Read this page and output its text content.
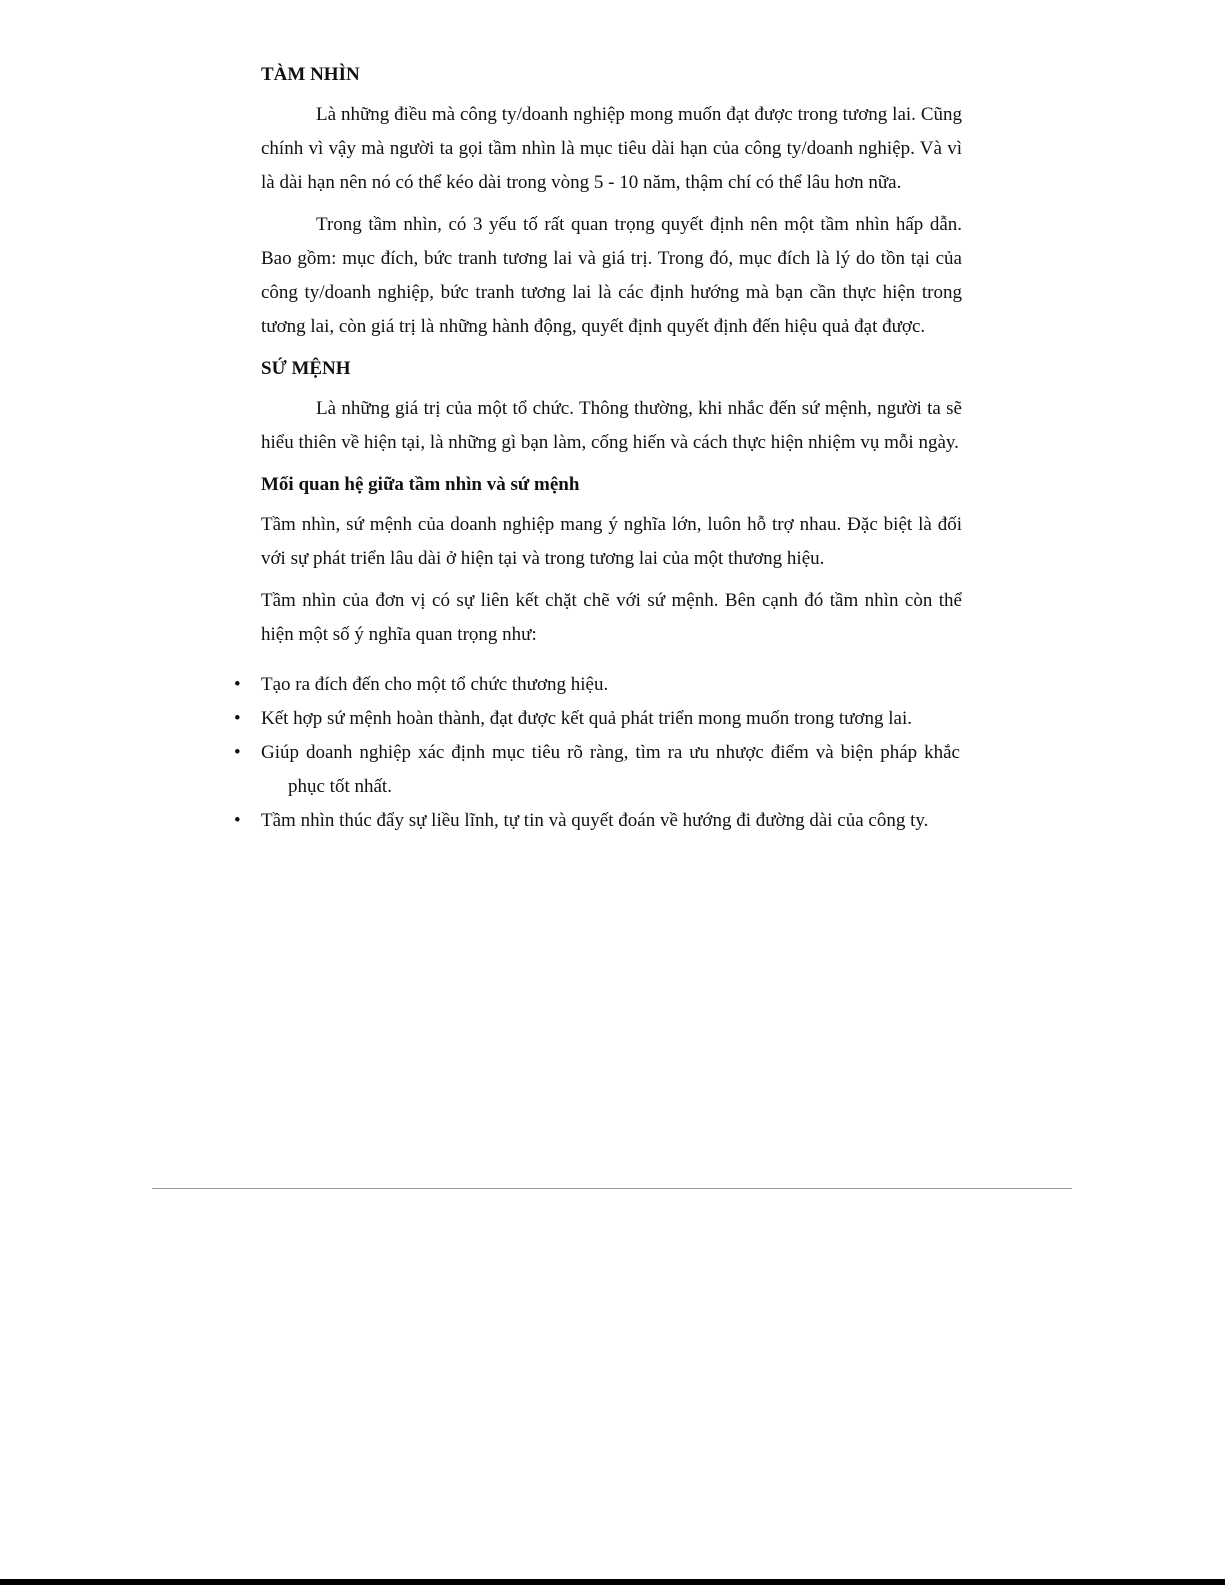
TÀM NHÌN

Là những điều mà công ty/doanh nghiệp mong muốn đạt được trong tương lai. Cũng chính vì vậy mà người ta gọi tầm nhìn là mục tiêu dài hạn của công ty/doanh nghiệp. Và vì là dài hạn nên nó có thể kéo dài trong vòng 5 - 10 năm, thậm chí có thể lâu hơn nữa.

Trong tầm nhìn, có 3 yếu tố rất quan trọng quyết định nên một tầm nhìn hấp dẫn. Bao gồm: mục đích, bức tranh tương lai và giá trị. Trong đó, mục đích là lý do tồn tại của công ty/doanh nghiệp, bức tranh tương lai là các định hướng mà bạn cần thực hiện trong tương lai, còn giá trị là những hành động, quyết định quyết định đến hiệu quả đạt được.

SỨ MỆNH

Là những giá trị của một tổ chức. Thông thường, khi nhắc đến sứ mệnh, người ta sẽ hiểu thiên về hiện tại, là những gì bạn làm, cống hiến và cách thực hiện nhiệm vụ mỗi ngày.

Mối quan hệ giữa tầm nhìn và sứ mệnh

Tầm nhìn, sứ mệnh của doanh nghiệp mang ý nghĩa lớn, luôn hỗ trợ nhau. Đặc biệt là đối với sự phát triển lâu dài ở hiện tại và trong tương lai của một thương hiệu.

Tầm nhìn của đơn vị có sự liên kết chặt chẽ với sứ mệnh. Bên cạnh đó tầm nhìn còn thể hiện một số ý nghĩa quan trọng như:

• Tạo ra đích đến cho một tổ chức thương hiệu.
• Kết hợp sứ mệnh hoàn thành, đạt được kết quả phát triển mong muốn trong tương lai.
• Giúp doanh nghiệp xác định mục tiêu rõ ràng, tìm ra ưu nhược điểm và biện pháp khắc phục tốt nhất.
• Tầm nhìn thúc đẩy sự liều lĩnh, tự tin và quyết đoán về hướng đi đường dài của công ty.
